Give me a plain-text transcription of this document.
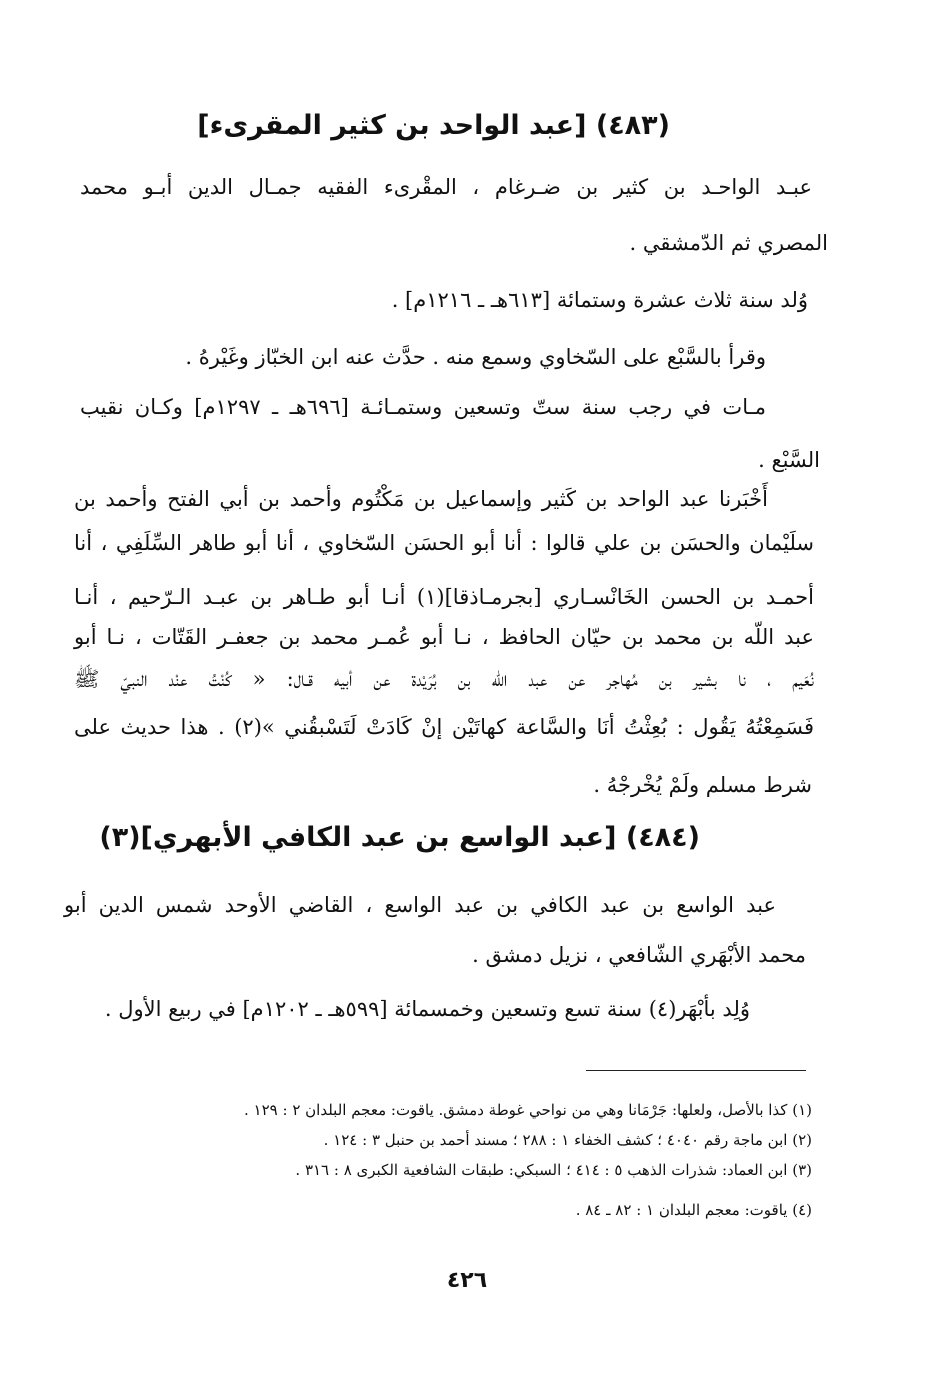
(٤٨٣) [عبد الواحد بن كثير المقرىء]
عبـد الواحـد بن كثير بن ضـرغام ، المقْرىء الفقيه جمـال الدين أبـو محمد
المصري ثم الدّمشقي .
وُلد سنة ثلاث عشرة وستمائة [٦١٣هـ ـ ١٢١٦م] .
وقرأ بالسَّبْع على السّخاوي وسمع منه . حدَّث عنه ابن الخبّاز وغَيْرهُ .
مـات في رجب سنة ستّ وتسعين وستمـائـة [٦٩٦هـ ـ ١٢٩٧م] وكـان نقيب
السَّبْع .
أَخْبَرنا عبد الواحد بن كَثير وإسماعيل بن مَكْتُوم وأحمد بن أبي الفتح وأحمد بن
سلَيْمان والحسَن بن علي قالوا : أنا أبو الحسَن السّخاوي ، أنا أبو طاهر السِّلَفِي ، أنا
أحمـد بن الحسن الخَانْسـاري [بجرمـاذقا](١) أنـا أبو طـاهر بن عبـد الـرّحيم ، أنـا
عبد اللّه بن محمد بن حيّان الحافظ ، نـا أبو عُمـر محمد بن جعفـر القَتّات ، نـا أبو
نُعَيم ، نا بشير بن مُهاجر عن عبد اللّه بن بُرَيْدة عن أبيه قـال: « كُنْتُ عنْد النبيّ ﷺ
فَسَمِعْتُهُ يَقُول : بُعِثْتُ أنَا والسَّاعة كهاتَيْن إنْ كَادَتْ لَتَسْبقُني »(٢) . هذا حديث على
شرط مسلم ولَمْ يُخْرجْهُ .
(٤٨٤) [عبد الواسع بن عبد الكافي الأبهري](٣)
عبد الواسع بن عبد الكافي بن عبد الواسع ، القاضي الأوحد شمس الدين أبو
محمد الأبْهَري الشّافعي ، نزيل دمشق .
وُلِد بأبْهَر(٤) سنة تسع وتسعين وخمسمائة [٥٩٩هـ ـ ١٢٠٢م] في ربيع الأول .
(١) كذا بالأصل، ولعلها: جَرْمَانا وهي من نواحي غوطة دمشق. ياقوت: معجم البلدان ٢ : ١٢٩ .
(٢) ابن ماجة رقم ٤٠٤٠ ؛ كشف الخفاء ١ : ٢٨٨ ؛ مسند أحمد بن حنبل ٣ : ١٢٤ .
(٣) ابن العماد: شذرات الذهب ٥ : ٤١٤ ؛ السبكي: طبقات الشافعية الكبرى ٨ : ٣١٦ .
(٤) ياقوت: معجم البلدان ١ : ٨٢ ـ ٨٤ .
٤٢٦
